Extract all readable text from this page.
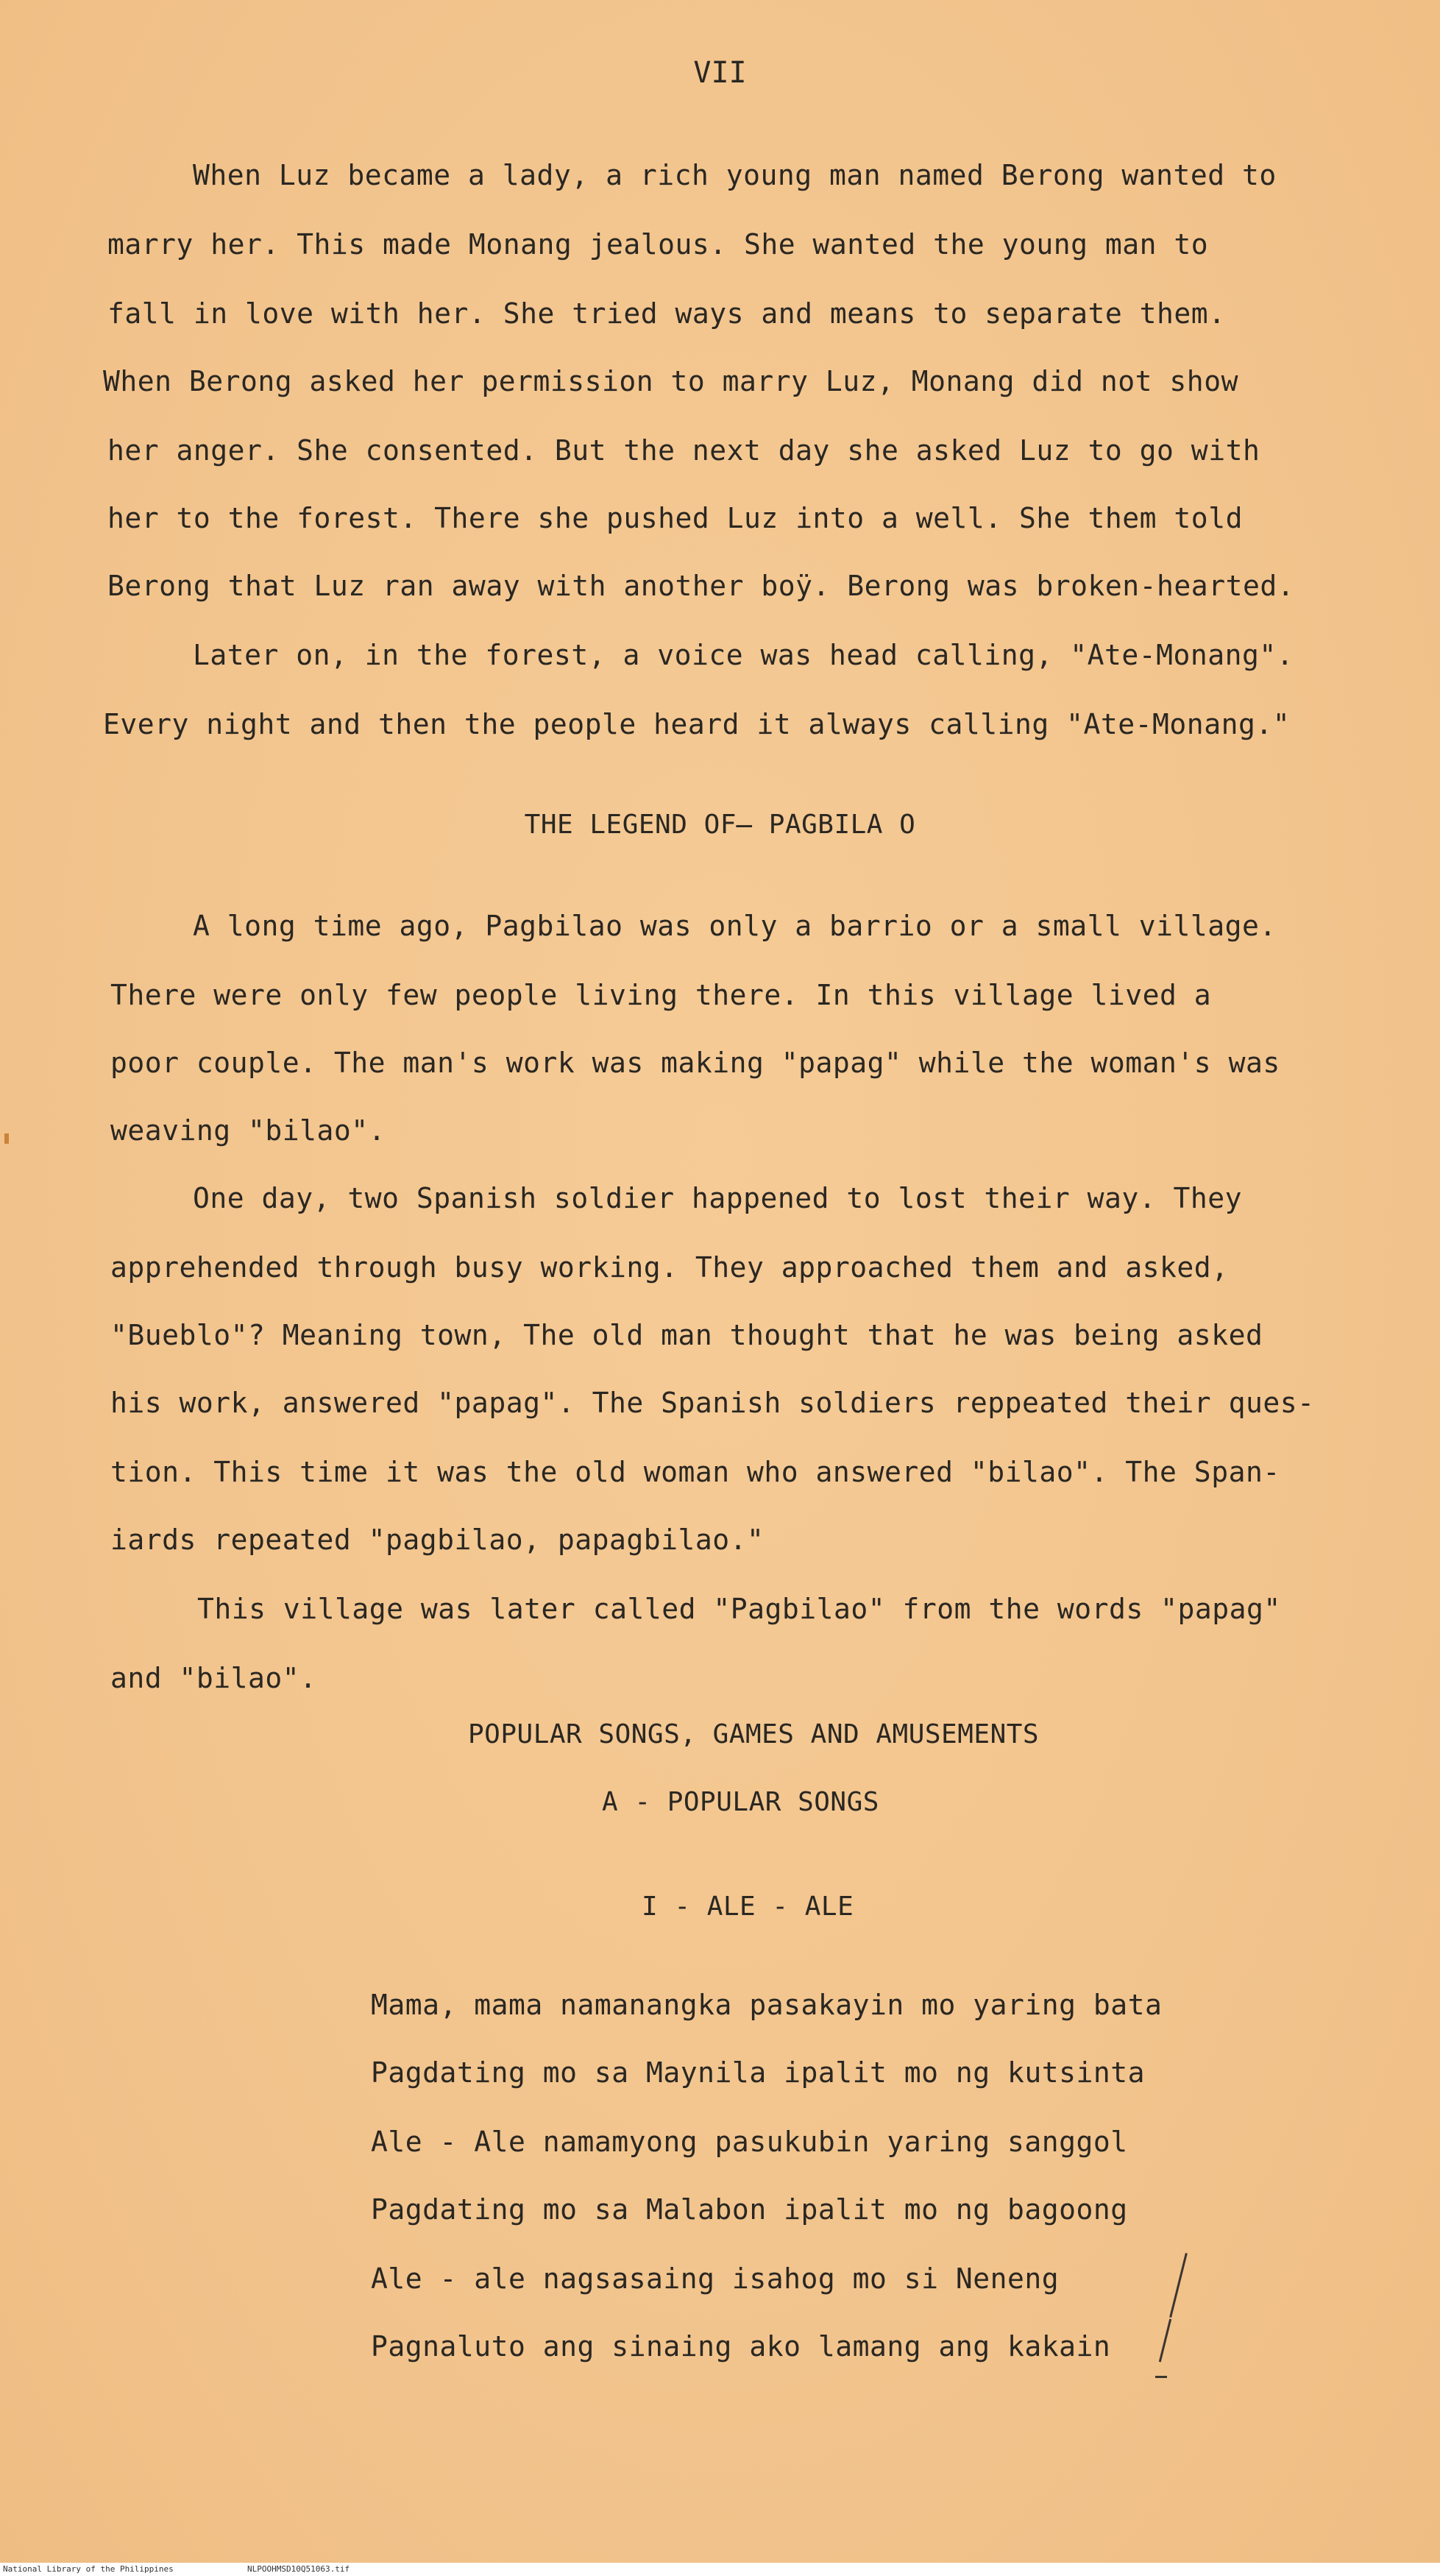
VII
When Luz became a lady, a rich young man named Berong wanted to
marry her. This made Monang jealous. She wanted the young man to
fall in love with her. She tried ways and means to separate them.
When Berong asked her permission to marry Luz, Monang did not show
her anger. She consented. But the next day she asked Luz to go with
her to the forest. There she pushed Luz into a well. She them told
Berong that Luz ran away with another boÿ. Berong was broken-hearted.
Later on, in the forest, a voice was head calling, "Ate-Monang".
Every night and then the people heard it always calling "Ate-Monang."
THE LEGEND OF̶ PAGBILA O
A long time ago, Pagbilao was only a barrio or a small village.
There were only few people living there. In this village lived a
poor couple. The man's work was making "papag" while the woman's was
weaving "bilao".
One day, two Spanish soldier happened to lost their way. They
apprehended through busy working. They approached them and asked,
"Bueblo"? Meaning town, The old man thought that he was being asked
his work, answered "papag". The Spanish soldiers reppeated their ques-
tion. This time it was the old woman who answered "bilao". The Span-
iards repeated "pagbilao, papagbilao."
This village was later called "Pagbilao" from the words "papag"
and "bilao".
POPULAR SONGS, GAMES AND AMUSEMENTS
A - POPULAR SONGS
I - ALE - ALE
Mama, mama namanangka pasakayin mo yaring bata
Pagdating mo sa Maynila ipalit mo ng kutsinta
Ale - Ale namamyong pasukubin yaring sanggol
Pagdating mo sa Malabon ipalit mo ng bagoong
Ale - ale nagsasaing isahog mo si Neneng
Pagnaluto ang sinaing ako lamang ang kakain
National Library of the Philippines	NLPOOHMSD10Q51063.tif
